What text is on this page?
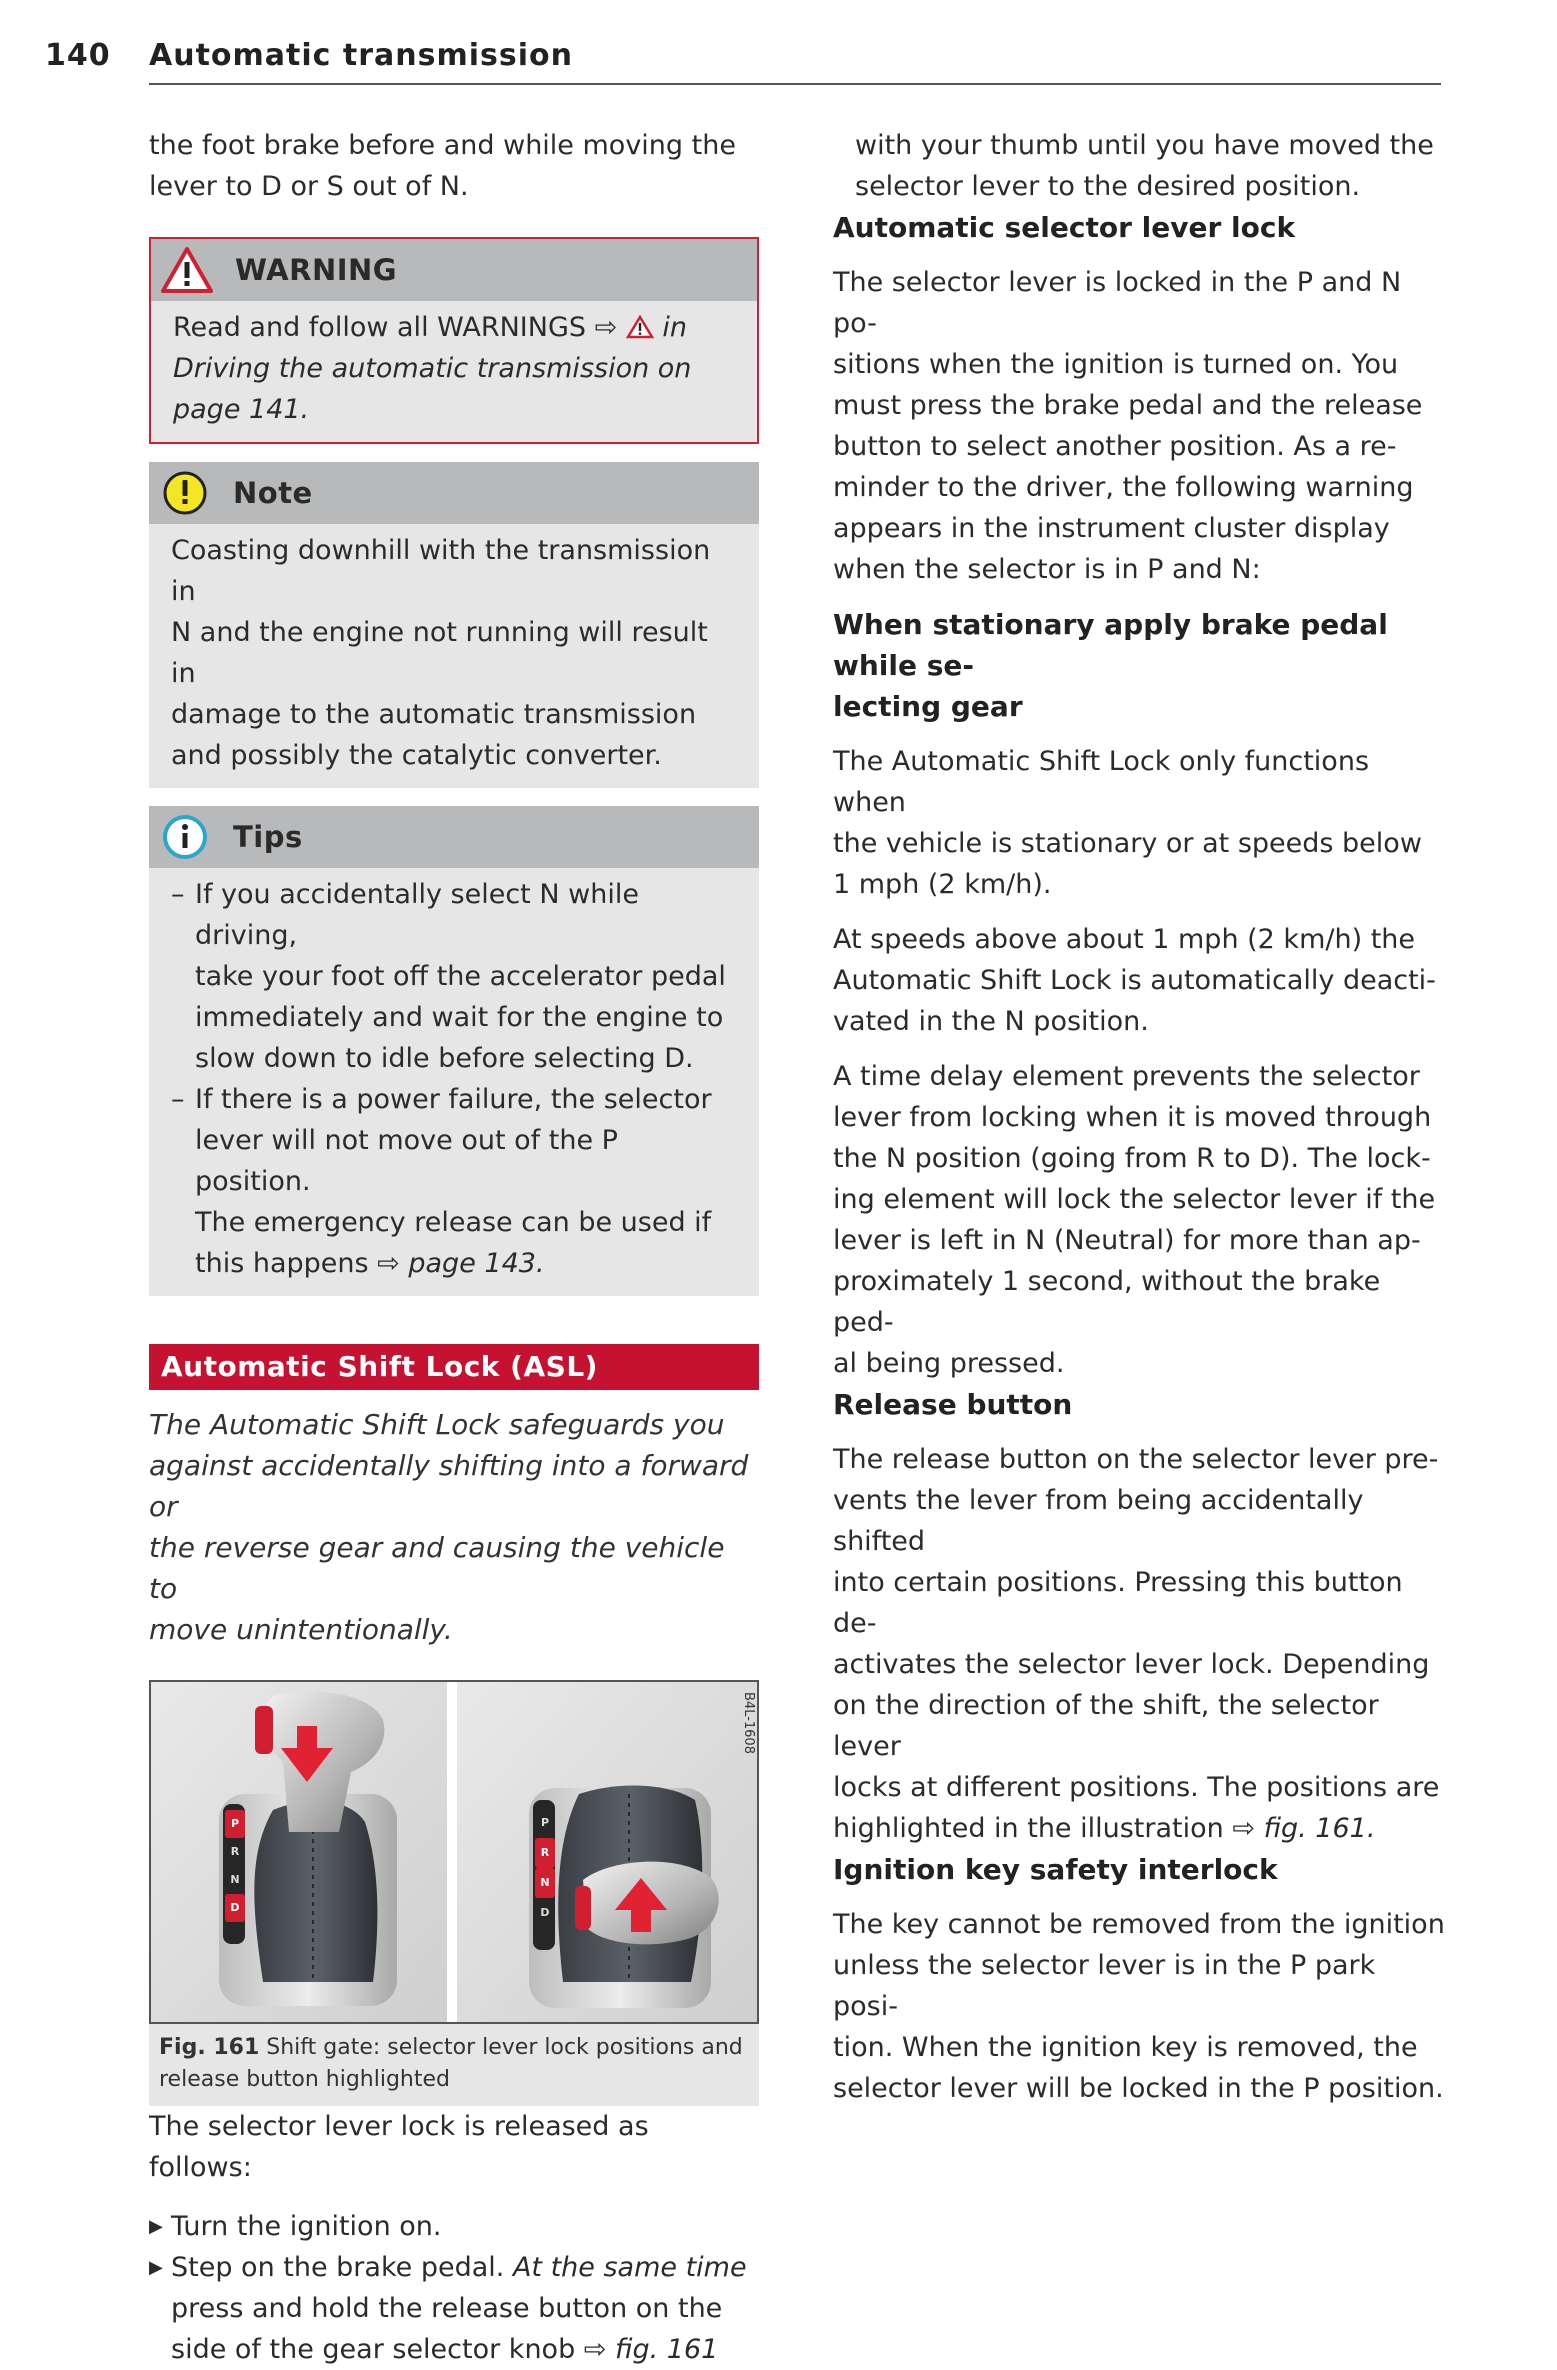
140 Automatic transmission

the foot brake before and while moving the

lever to D or S out of N.

WARNING
Read and follow all WARNINGS ⇨  in
Driving the automatic transmission on
page 141.
Note
Coasting downhill with the transmission in
N and the engine not running will result in
damage to the automatic transmission
and possibly the catalytic converter.
Tips
– If you accidentally select N while driving,
take your foot off the accelerator pedal
immediately and wait for the engine to
slow down to idle before selecting D.
– If there is a power failure, the selector
lever will not move out of the P position.
The emergency release can be used if
this happens ⇨ page 143.
Automatic Shift Lock (ASL)
The Automatic Shift Lock safeguards you
against accidentally shifting into a forward or
the reverse gear and causing the vehicle to
move unintentionally.
B4L-1608
P
R
N
D
P
R
N
D
Fig. 161 Shift gate: selector lever lock positions and
release button highlighted

The selector lever lock is released as follows:

▶ Turn the ignition on.
▶ Step on the brake pedal. At the same time
press and hold the release button on the
side of the gear selector knob ⇨ fig. 161

with your thumb until you have moved the

selector lever to the desired position.

Automatic selector lever lock

The selector lever is locked in the P and N po-

sitions when the ignition is turned on. You

must press the brake pedal and the release

button to select another position. As a re-

minder to the driver, the following warning

appears in the instrument cluster display

when the selector is in P and N:

When stationary apply brake pedal while se-
lecting gear

The Automatic Shift Lock only functions when

the vehicle is stationary or at speeds below

1 mph (2 km/h).

At speeds above about 1 mph (2 km/h) the

Automatic Shift Lock is automatically deacti-

vated in the N position.

A time delay element prevents the selector

lever from locking when it is moved through

the N position (going from R to D). The lock-

ing element will lock the selector lever if the

lever is left in N (Neutral) for more than ap-

proximately 1 second, without the brake ped-

al being pressed.

Release button

The release button on the selector lever pre-

vents the lever from being accidentally shifted

into certain positions. Pressing this button de-

activates the selector lever lock. Depending

on the direction of the shift, the selector lever

locks at different positions. The positions are

highlighted in the illustration ⇨ fig. 161.

Ignition key safety interlock

The key cannot be removed from the ignition

unless the selector lever is in the P park posi-

tion. When the ignition key is removed, the

selector lever will be locked in the P position.
